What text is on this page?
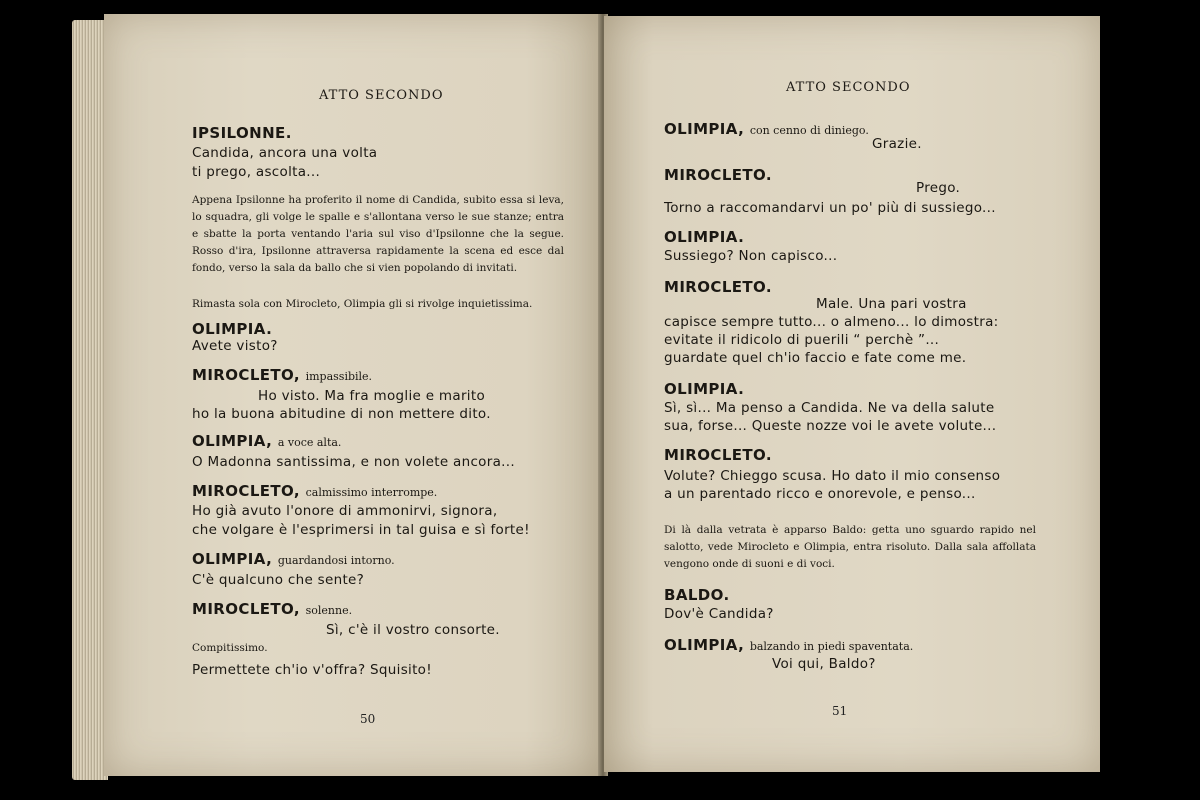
ATTO SECONDO
IPSILONNE.
Candida, ancora una volta
ti prego, ascolta...
Appena Ipsilonne ha proferito il nome di Candida, subito essa si leva, lo squadra, gli volge le spalle e s'allontana verso le sue stanze; entra e sbatte la porta ventando l'aria sul viso d'Ipsilonne che la segue. Rosso d'ira, Ipsilonne attraversa rapidamente la scena ed esce dal fondo, verso la sala da ballo che si vien popolando di invitati.
Rimasta sola con Mirocleto, Olimpia gli si rivolge inquietissima.
OLIMPIA.
Avete visto?
MIROCLETO, impassibile.
Ho visto. Ma fra moglie e marito
ho la buona abitudine di non mettere dito.
OLIMPIA, a voce alta.
O Madonna santissima, e non volete ancora...
MIROCLETO, calmissimo interrompe.
Ho già avuto l'onore di ammonirvi, signora,
che volgare è l'esprimersi in tal guisa e sì forte!
OLIMPIA, guardandosi intorno.
C'è qualcuno che sente?
MIROCLETO, solenne.
Sì, c'è il vostro consorte.
Compitissimo.
Permettete ch'io v'offra? Squisito!
50
ATTO SECONDO
OLIMPIA, con cenno di diniego.
Grazie.
MIROCLETO.
Prego.
Torno a raccomandarvi un po' più di sussiego...
OLIMPIA.
Sussiego? Non capisco...
MIROCLETO.
Male. Una pari vostra
capisce sempre tutto... o almeno... lo dimostra:
evitate il ridicolo di puerili “ perchè ”...
guardate quel ch'io faccio e fate come me.
OLIMPIA.
Sì, sì... Ma penso a Candida. Ne va della salute
sua, forse... Queste nozze voi le avete volute...
MIROCLETO.
Volute? Chieggo scusa. Ho dato il mio consenso
a un parentado ricco e onorevole, e penso...
Di là dalla vetrata è apparso Baldo: getta uno sguardo rapido nel salotto, vede Mirocleto e Olimpia, entra risoluto. Dalla sala affollata vengono onde di suoni e di voci.
BALDO.
Dov'è Candida?
OLIMPIA, balzando in piedi spaventata.
Voi qui, Baldo?
51
